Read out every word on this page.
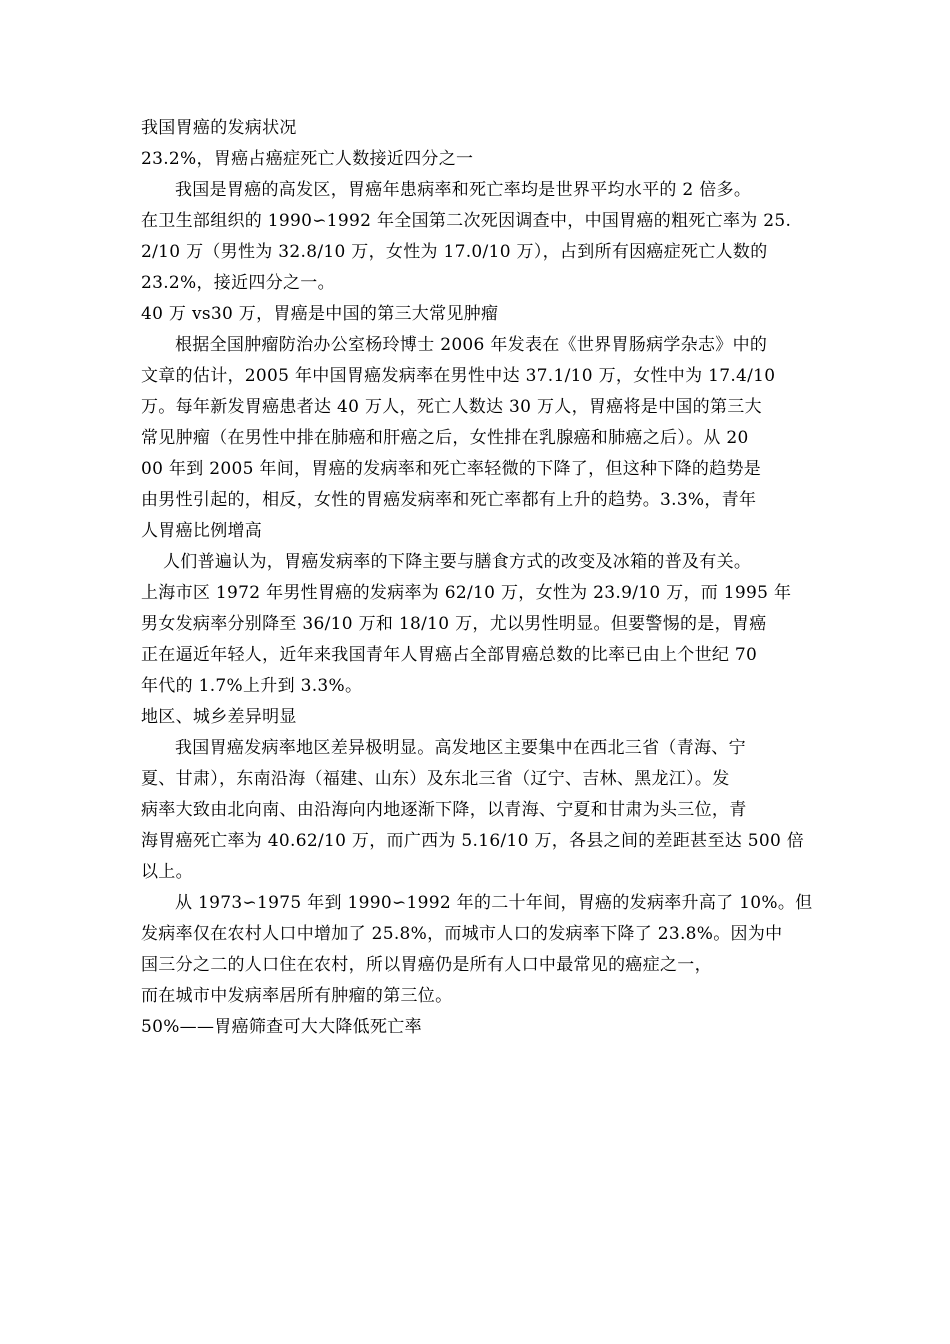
我国胃癌的发病状况
23.2%，胃癌占癌症死亡人数接近四分之一
我国是胃癌的高发区，胃癌年患病率和死亡率均是世界平均水平的 2 倍多。
在卫生部组织的 1990∽1992 年全国第二次死因调查中，中国胃癌的粗死亡率为 25.
2/10 万（男性为 32.8/10 万，女性为 17.0/10 万），占到所有因癌症死亡人数的
23.2%，接近四分之一。
40 万 vs30 万，胃癌是中国的第三大常见肿瘤
根据全国肿瘤防治办公室杨玲博士 2006 年发表在《世界胃肠病学杂志》中的
文章的估计，2005 年中国胃癌发病率在男性中达 37.1/10 万，女性中为 17.4/10
万。每年新发胃癌患者达 40 万人，死亡人数达 30 万人，胃癌将是中国的第三大
常见肿瘤（在男性中排在肺癌和肝癌之后，女性排在乳腺癌和肺癌之后）。从 20
00 年到 2005 年间，胃癌的发病率和死亡率轻微的下降了，但这种下降的趋势是
由男性引起的，相反，女性的胃癌发病率和死亡率都有上升的趋势。3.3%，青年
人胃癌比例增高
人们普遍认为，胃癌发病率的下降主要与膳食方式的改变及冰箱的普及有关。
上海市区 1972 年男性胃癌的发病率为 62/10 万，女性为 23.9/10 万，而 1995 年
男女发病率分别降至 36/10 万和 18/10 万，尤以男性明显。但要警惕的是，胃癌
正在逼近年轻人，近年来我国青年人胃癌占全部胃癌总数的比率已由上个世纪 70
年代的 1.7%上升到 3.3%。
地区、城乡差异明显
我国胃癌发病率地区差异极明显。高发地区主要集中在西北三省（青海、宁
夏、甘肃），东南沿海（福建、山东）及东北三省（辽宁、吉林、黑龙江）。发
病率大致由北向南、由沿海向内地逐渐下降，以青海、宁夏和甘肃为头三位，青
海胃癌死亡率为 40.62/10 万，而广西为 5.16/10 万，各县之间的差距甚至达 500 倍
以上。
从 1973∽1975 年到 1990∽1992 年的二十年间，胃癌的发病率升高了 10%。但
发病率仅在农村人口中增加了 25.8%，而城市人口的发病率下降了 23.8%。因为中
国三分之二的人口住在农村，所以胃癌仍是所有人口中最常见的癌症之一，
而在城市中发病率居所有肿瘤的第三位。
50%——胃癌筛查可大大降低死亡率
